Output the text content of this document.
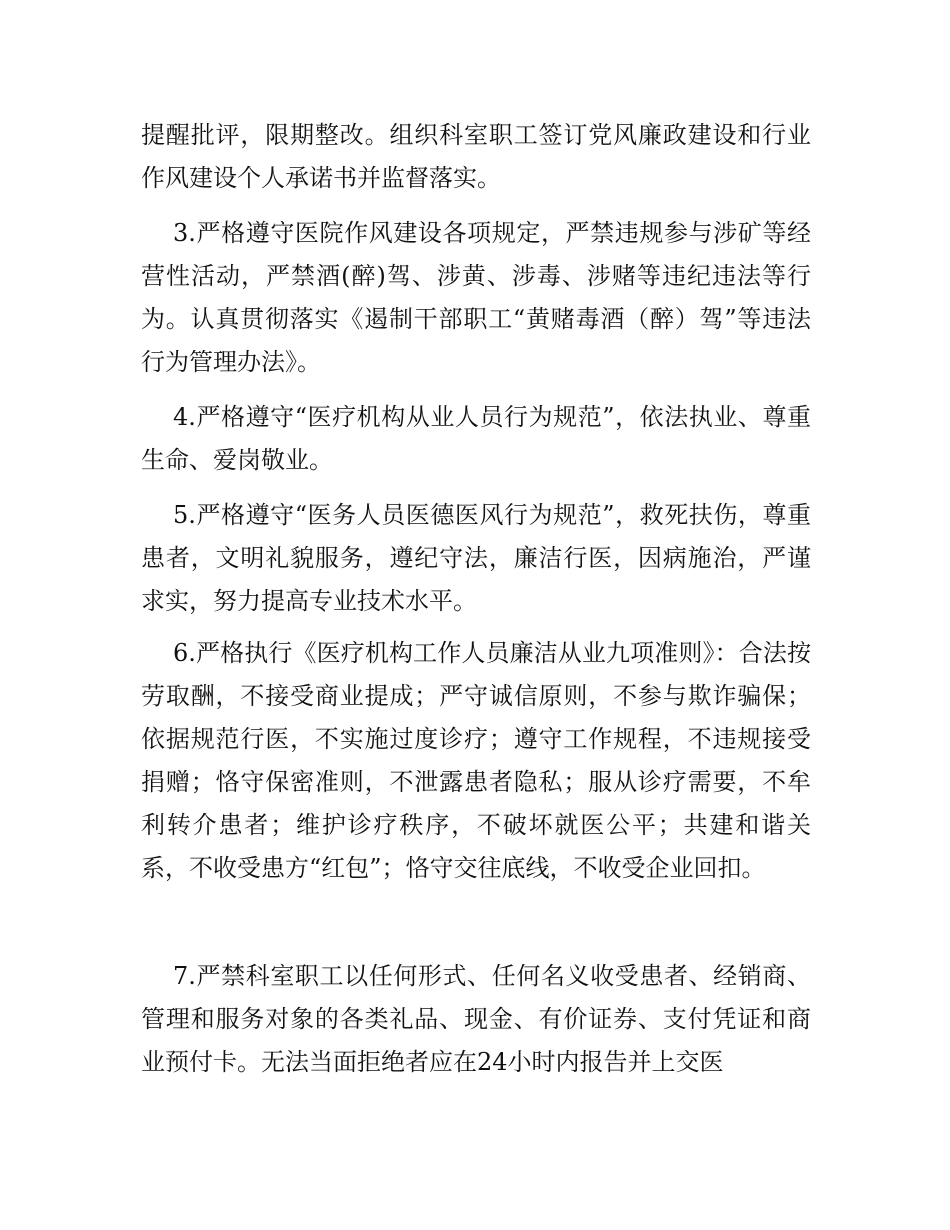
提醒批评，限期整改。组织科室职工签订党风廉政建设和行业作风建设个人承诺书并监督落实。

3.严格遵守医院作风建设各项规定，严禁违规参与涉矿等经营性活动，严禁酒(醉)驾、涉黄、涉毒、涉赌等违纪违法等行为。认真贯彻落实《遏制干部职工“黄赌毒酒（醉）驾”等违法行为管理办法》。

4.严格遵守“医疗机构从业人员行为规范”，依法执业、尊重生命、爱岗敬业。

5.严格遵守“医务人员医德医风行为规范”，救死扶伤，尊重患者，文明礼貌服务，遵纪守法，廉洁行医，因病施治，严谨求实，努力提高专业技术水平。

6.严格执行《医疗机构工作人员廉洁从业九项准则》：合法按劳取酬，不接受商业提成；严守诚信原则，不参与欺诈骗保；依据规范行医，不实施过度诊疗；遵守工作规程，不违规接受捐赠；恪守保密准则，不泄露患者隐私；服从诊疗需要，不牟利转介患者；维护诊疗秩序，不破坏就医公平；共建和谐关系，不收受患方“红包”；恪守交往底线，不收受企业回扣。

7.严禁科室职工以任何形式、任何名义收受患者、经销商、管理和服务对象的各类礼品、现金、有价证券、支付凭证和商业预付卡。无法当面拒绝者应在24小时内报告并上交医
